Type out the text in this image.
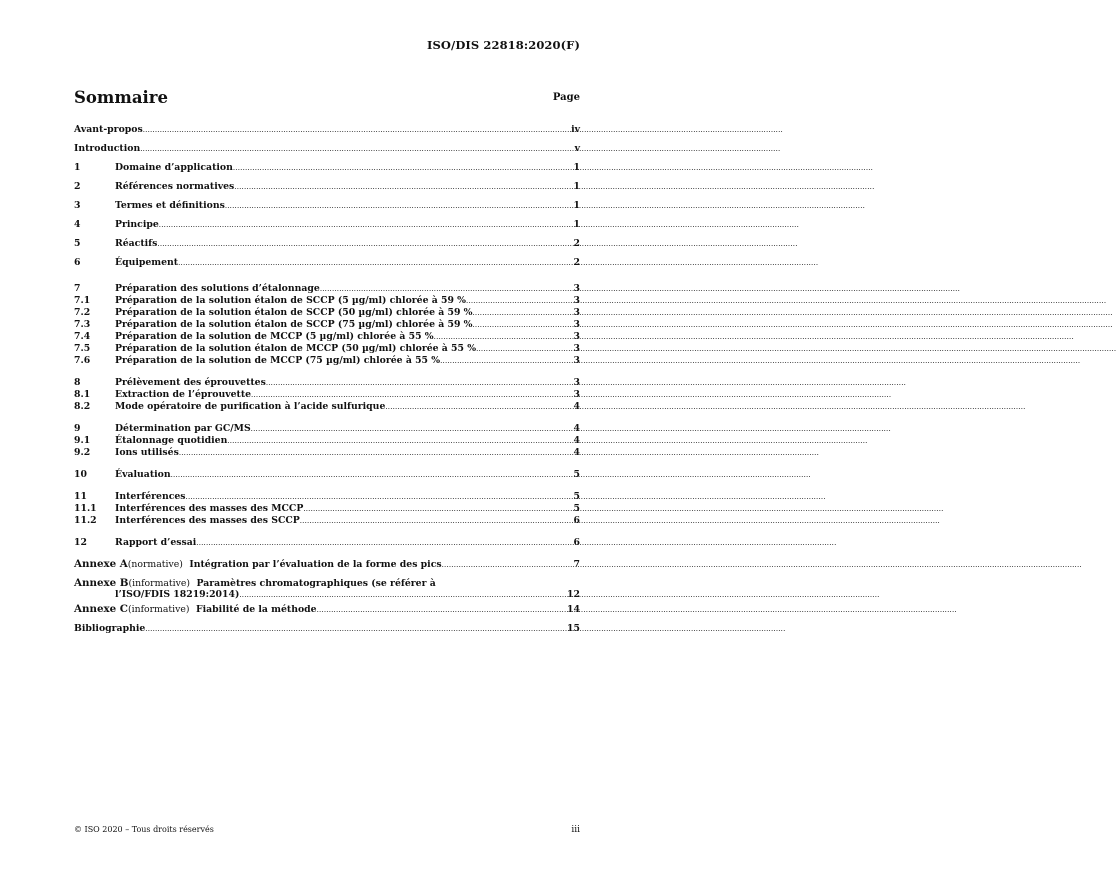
ISO/DIS 22818:2020(F)
Sommaire	Page
Avant-propos .....	iv
Introduction .....	v
1	Domaine d’application .....	1
2	Références normatives .....	1
3	Termes et définitions .....	1
4	Principe .....	1
5	Réactifs .....	2
6	Équipement .....	2
7	Préparation des solutions d’étalonnage .....	3
7.1	Préparation de la solution étalon de SCCP (5 µg/ml) chlorée à 59 % .....	3
7.2	Préparation de la solution étalon de SCCP (50 µg/ml) chlorée à 59 % .....	3
7.3	Préparation de la solution étalon de SCCP (75 µg/ml) chlorée à 59 % .....	3
7.4	Préparation de la solution de MCCP (5 µg/ml) chlorée à 55 % .....	3
7.5	Préparation de la solution étalon de MCCP (50 µg/ml) chlorée à 55 % .....	3
7.6	Préparation de la solution de MCCP (75 µg/ml) chlorée à 55 % .....	3
8	Prélèvement des éprouvettes .....	3
8.1	Extraction de l’éprouvette .....	3
8.2	Mode opératoire de purification à l’acide sulfurique .....	4
9	Détermination par GC/MS .....	4
9.1	Étalonnage quotidien .....	4
9.2	Ions utilisés .....	4
10	Évaluation .....	5
11	Interférences .....	5
11.1	Interférences des masses des MCCP .....	5
11.2	Interférences des masses des SCCP .....	6
12	Rapport d’essai .....	6
Annexe A(normative) Intégration par l’évaluation de la forme des pics .....	7
Annexe B(informative) Paramètres chromatographiques (se référer à
l’ISO/FDIS 18219:2014) .....	12
Annexe C(informative) Fiabilité de la méthode .....	14
Bibliographie .....	15
© ISO 2020 – Tous droits réservés	iii
